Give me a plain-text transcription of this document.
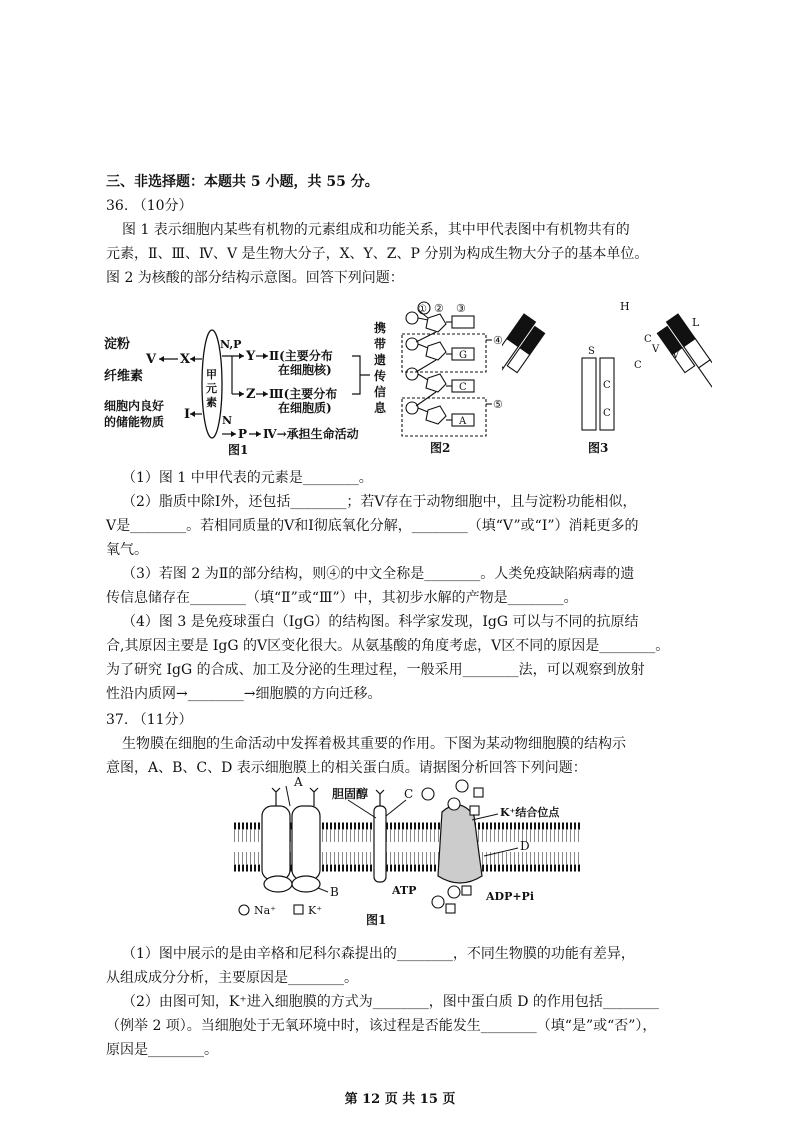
三、非选择题：本题共 5 小题，共 55 分。
36. （10分）
图 1 表示细胞内某些有机物的元素组成和功能关系，其中甲代表图中有机物共有的
元素，Ⅱ、Ⅲ、Ⅳ、Ⅴ 是生物大分子，X、Y、Z、P 分别为构成生物大分子的基本单位。
图 2 为核酸的部分结构示意图。回答下列问题：
淀粉
V
纤维素
X
细胞内良好
的储能物质 I
甲
元
素
N,P
Y Ⅱ(主要分布
在细胞核)
Z Ⅲ(主要分布
在细胞质)
N
P Ⅳ→承担生命活动
携
带
遗
传
信
息
图1
① ② ③
④
G
C
⑤
A
图2
H
L
C
C
C
C
V
V
S
图3
（1）图 1 中甲代表的元素是________。
（2）脂质中除Ⅰ外，还包括________；若Ⅴ存在于动物细胞中，且与淀粉功能相似，
Ⅴ是________。若相同质量的Ⅴ和Ⅰ彻底氧化分解，________（填“V”或“I”）消耗更多的
氧气。
（3）若图 2 为Ⅱ的部分结构，则④的中文全称是________。人类免疫缺陷病毒的遗
传信息储存在________（填“Ⅱ”或“Ⅲ”）中，其初步水解的产物是________。
（4）图 3 是免疫球蛋白（IgG）的结构图。科学家发现，IgG 可以与不同的抗原结
合,其原因主要是 IgG 的Ⅴ区变化很大。从氨基酸的角度考虑，Ⅴ区不同的原因是________。
为了研究 IgG 的合成、加工及分泌的生理过程，一般采用________法，可以观察到放射
性沿内质网→________→细胞膜的方向迁移。
37. （11分）
生物膜在细胞的生命活动中发挥着极其重要的作用。下图为某动物细胞膜的结构示
意图，A、B、C、D 表示细胞膜上的相关蛋白质。请据图分析回答下列问题：
A
B
C
D
胆固醇
K⁺结合位点
ATP	ADP+Pi
Na⁺	K⁺
图1
（1）图中展示的是由辛格和尼科尔森提出的________，不同生物膜的功能有差异，
从组成成分分析，主要原因是________。
（2）由图可知，K⁺进入细胞膜的方式为________，图中蛋白质 D 的作用包括________
（例举 2 项）。当细胞处于无氧环境中时，该过程是否能发生________（填“是”或“否”），
原因是________。
第 12 页 共 15 页
